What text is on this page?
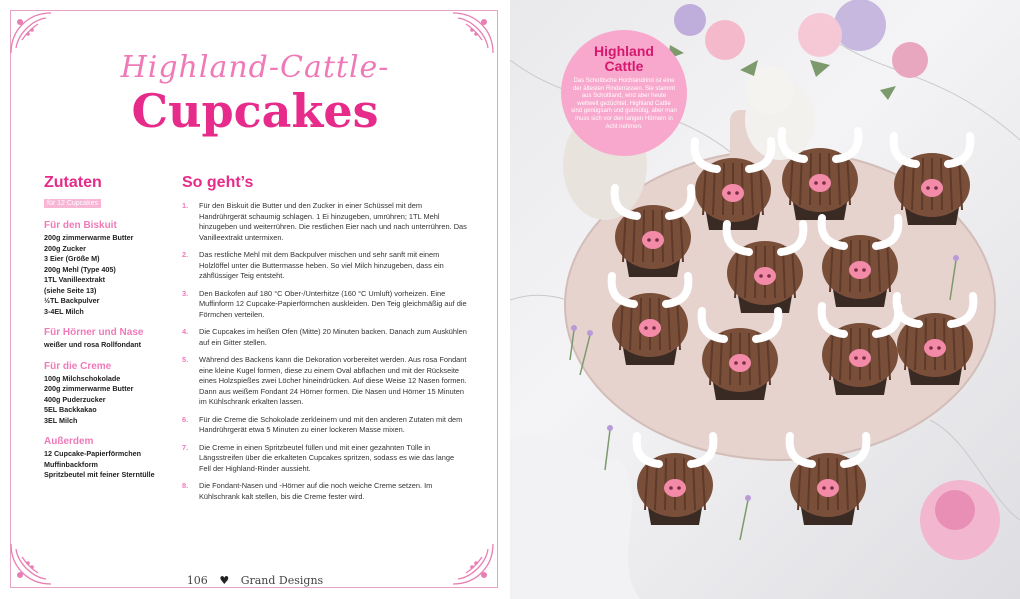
Highland-Cattle-
Cupcakes
Zutaten
für 12 Cupcakes
Für den Biskuit
200g zimmerwarme Butter
200g Zucker
3 Eier (Größe M)
200g Mehl (Type 405)
1TL Vanilleextrakt
(siehe Seite 13)
½TL Backpulver
3-4EL Milch
Für Hörner und Nase
weißer und rosa Rollfondant
Für die Creme
100g Milchschokolade
200g zimmerwarme Butter
400g Puderzucker
5EL Backkakao
3EL Milch
Außerdem
12 Cupcake-Papierförmchen
Muffinbackform
Spritzbeutel mit feiner Sterntülle
So geht’s
1.	Für den Biskuit die Butter und den Zucker in einer Schüssel mit dem Handrührgerät schaumig schlagen. 1 Ei hinzugeben, umrühren; 1TL Mehl hinzugeben und weiterrühren. Die restlichen Eier nach und nach unterrühren. Das Vanilleextrakt untermixen.
2.	Das restliche Mehl mit dem Backpulver mischen und sehr sanft mit einem Holzlöffel unter die Buttermasse heben. So viel Milch hinzugeben, dass ein zähflüssiger Teig entsteht.
3.	Den Backofen auf 180 °C Ober-/Unterhitze (160 °C Umluft) vorheizen. Eine Muffinform 12 Cupcake-Papierförmchen auskleiden. Den Teig gleichmäßig auf die Förmchen verteilen.
4.	Die Cupcakes im heißen Ofen (Mitte) 20 Minuten backen. Danach zum Auskühlen auf ein Gitter stellen.
5.	Während des Backens kann die Dekoration vorbereitet werden. Aus rosa Fondant eine kleine Kugel formen, diese zu einem Oval abflachen und mit der Rückseite eines Holzspießes zwei Löcher hineindrücken. Auf diese Weise 12 Nasen formen. Dann aus weißem Fondant 24 Hörner formen. Die Nasen und Hörner 15 Minuten im Kühlschrank erkalten lassen.
6.	Für die Creme die Schokolade zerkleinern und mit den anderen Zutaten mit dem Handrührgerät etwa 5 Minuten zu einer lockeren Masse mixen.
7.	Die Creme in einen Spritzbeutel füllen und mit einer gezahnten Tülle in Längsstreifen über die erkalteten Cupcakes spritzen, sodass es wie das lange Fell der Highland-Rinder aussieht.
8.	Die Fondant-Nasen und -Hörner auf die noch weiche Creme setzen. Im Kühlschrank kalt stellen, bis die Creme fester wird.
106 ♥ Grand Designs
Highland
Cattle
Das Schottische Hochlandrind ist eine der ältesten Rinderrassen. Sie stammt aus Schottland, wird aber heute weltweit gezüchtet. Highland Cattle sind genügsam und gutmütig, aber man muss sich vor den langen Hörnern in Acht nehmen.
